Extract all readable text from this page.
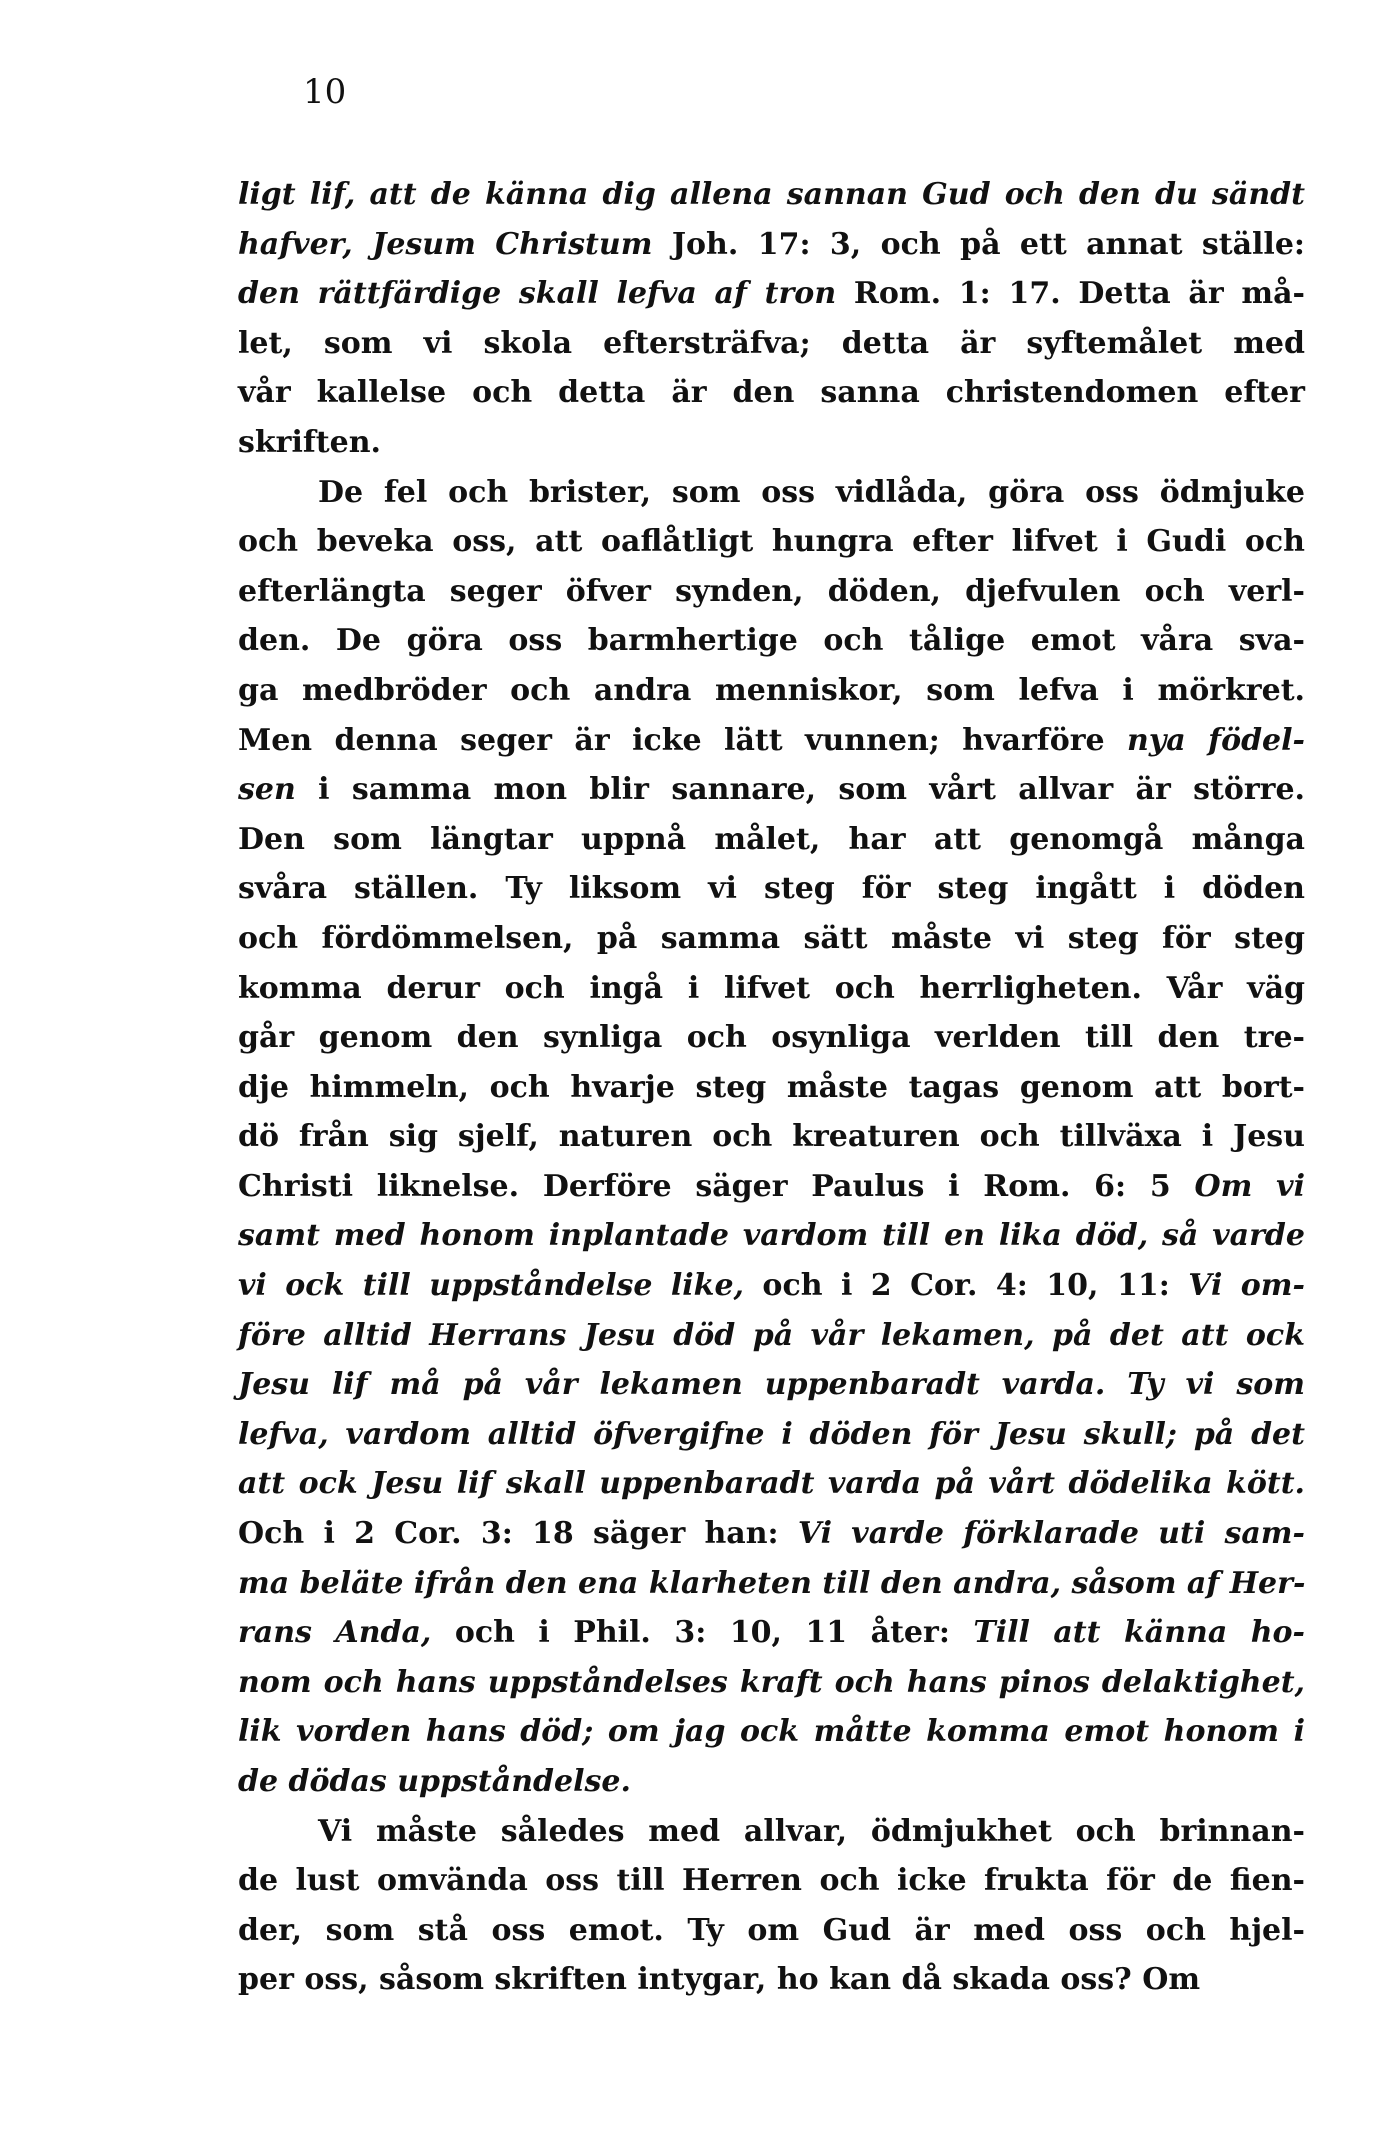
10
ligt lif, att de känna dig allena sannan Gud och den du sändt
hafver, Jesum Christum Joh. 17: 3, och på ett annat ställe:
den rättfärdige skall lefva af tron Rom. 1: 17. Detta är må-
let, som vi skola eftersträfva; detta är syftemålet med
vår kallelse och detta är den sanna christendomen efter
skriften.
De fel och brister, som oss vidlåda, göra oss ödmjuke
och beveka oss, att oaflåtligt hungra efter lifvet i Gudi och
efterlängta seger öfver synden, döden, djefvulen och verl-
den. De göra oss barmhertige och tålige emot våra sva-
ga medbröder och andra menniskor, som lefva i mörkret.
Men denna seger är icke lätt vunnen; hvarföre nya födel-
sen i samma mon blir sannare, som vårt allvar är större.
Den som längtar uppnå målet, har att genomgå många
svåra ställen. Ty liksom vi steg för steg ingått i döden
och fördömmelsen, på samma sätt måste vi steg för steg
komma derur och ingå i lifvet och herrligheten. Vår väg
går genom den synliga och osynliga verlden till den tre-
dje himmeln, och hvarje steg måste tagas genom att bort-
dö från sig sjelf, naturen och kreaturen och tillväxa i Jesu
Christi liknelse. Derföre säger Paulus i Rom. 6: 5 Om vi
samt med honom inplantade vardom till en lika död, så varde
vi ock till uppståndelse like, och i 2 Cor. 4: 10, 11: Vi om-
före alltid Herrans Jesu död på vår lekamen, på det att ock
Jesu lif må på vår lekamen uppenbaradt varda. Ty vi som
lefva, vardom alltid öfvergifne i döden för Jesu skull; på det
att ock Jesu lif skall uppenbaradt varda på vårt dödelika kött.
Och i 2 Cor. 3: 18 säger han: Vi varde förklarade uti sam-
ma beläte ifrån den ena klarheten till den andra, såsom af Her-
rans Anda, och i Phil. 3: 10, 11 åter: Till att känna ho-
nom och hans uppståndelses kraft och hans pinos delaktighet,
lik vorden hans död; om jag ock måtte komma emot honom i
de dödas uppståndelse.
Vi måste således med allvar, ödmjukhet och brinnan-
de lust omvända oss till Herren och icke frukta för de fien-
der, som stå oss emot. Ty om Gud är med oss och hjel-
per oss, såsom skriften intygar, ho kan då skada oss? Om
